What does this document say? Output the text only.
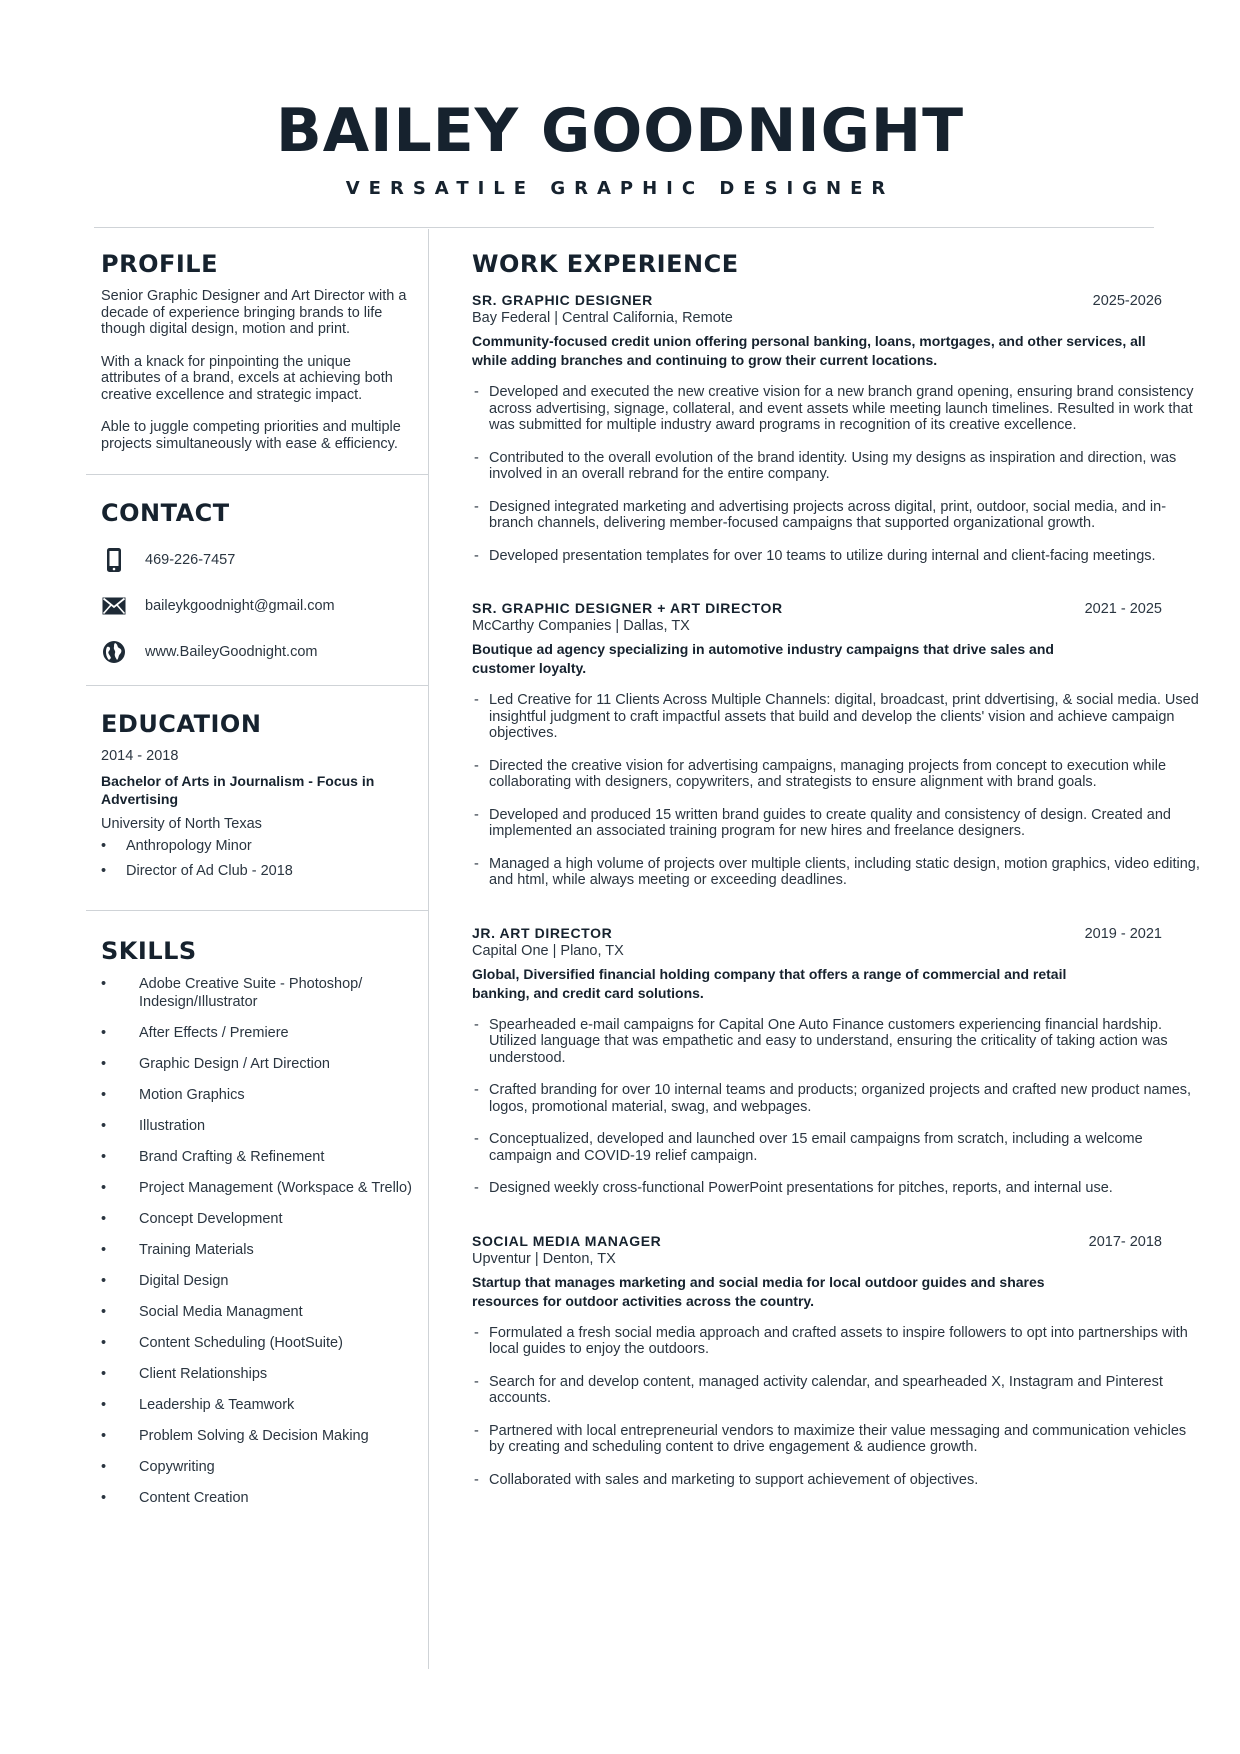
BAILEY GOODNIGHT
VERSATILE GRAPHIC DESIGNER
PROFILE

Senior Graphic Designer and Art Director with a decade of experience bringing brands to life though digital design, motion and print.

With a knack for pinpointing the unique attributes of a brand, excels at achieving both creative excellence and strategic impact.

Able to juggle competing priorities and multiple projects simultaneously with ease & efficiency.

CONTACT
469-226-7457
baileykgoodnight@gmail.com
www.BaileyGoodnight.com
EDUCATION
2014 - 2018
Bachelor of Arts in Journalism - Focus in Advertising
University of North Texas
• Anthropology Minor
• Director of Ad Club - 2018
SKILLS
• Adobe Creative Suite - Photoshop/ Indesign/Illustrator
• After Effects / Premiere
• Graphic Design / Art Direction
• Motion Graphics
• Illustration
• Brand Crafting & Refinement
• Project Management (Workspace & Trello)
• Concept Development
• Training Materials
• Digital Design
• Social Media Managment
• Content Scheduling (HootSuite)
• Client Relationships
• Leadership & Teamwork
• Problem Solving & Decision Making
• Copywriting
• Content Creation
WORK EXPERIENCE
SR. GRAPHIC DESIGNER	2025-2026
Bay Federal | Central California, Remote
Community-focused credit union offering personal banking, loans, mortgages, and other services, all while adding branches and continuing to grow their current locations.
- Developed and executed the new creative vision for a new branch grand opening, ensuring brand consistency across advertising, signage, collateral, and event assets while meeting launch timelines. Resulted in work that was submitted for multiple industry award programs in recognition of its creative excellence.
- Contributed to the overall evolution of the brand identity. Using my designs as inspiration and direction, was involved in an overall rebrand for the entire company.
- Designed integrated marketing and advertising projects across digital, print, outdoor, social media, and in-branch channels, delivering member-focused campaigns that supported organizational growth.
- Developed presentation templates for over 10 teams to utilize during internal and client-facing meetings.
SR. GRAPHIC DESIGNER + ART DIRECTOR	2021 - 2025
McCarthy Companies | Dallas, TX
Boutique ad agency specializing in automotive industry campaigns that drive sales and customer loyalty.
- Led Creative for 11 Clients Across Multiple Channels: digital, broadcast, print ddvertising, & social media. Used insightful judgment to craft impactful assets that build and develop the clients' vision and achieve campaign objectives.
- Directed the creative vision for advertising campaigns, managing projects from concept to execution while collaborating with designers, copywriters, and strategists to ensure alignment with brand goals.
- Developed and produced 15 written brand guides to create quality and consistency of design. Created and implemented an associated training program for new hires and freelance designers.
- Managed a high volume of projects over multiple clients, including static design, motion graphics, video editing, and html, while always meeting or exceeding deadlines.
JR. ART DIRECTOR	2019 - 2021
Capital One | Plano, TX
Global, Diversified financial holding company that offers a range of commercial and retail banking, and credit card solutions.
- Spearheaded e-mail campaigns for Capital One Auto Finance customers experiencing financial hardship. Utilized language that was empathetic and easy to understand, ensuring the criticality of taking action was understood.
- Crafted branding for over 10 internal teams and products; organized projects and crafted new product names, logos, promotional material, swag, and webpages.
- Conceptualized, developed and launched over 15 email campaigns from scratch, including a welcome campaign and COVID-19 relief campaign.
- Designed weekly cross-functional PowerPoint presentations for pitches, reports, and internal use.
SOCIAL MEDIA MANAGER	2017- 2018
Upventur | Denton, TX
Startup that manages marketing and social media for local outdoor guides and shares resources for outdoor activities across the country.
- Formulated a fresh social media approach and crafted assets to inspire followers to opt into partnerships with local guides to enjoy the outdoors.
- Search for and develop content, managed activity calendar, and spearheaded X, Instagram and Pinterest accounts.
- Partnered with local entrepreneurial vendors to maximize their value messaging and communication vehicles by creating and scheduling content to drive engagement & audience growth.
- Collaborated with sales and marketing to support achievement of objectives.
